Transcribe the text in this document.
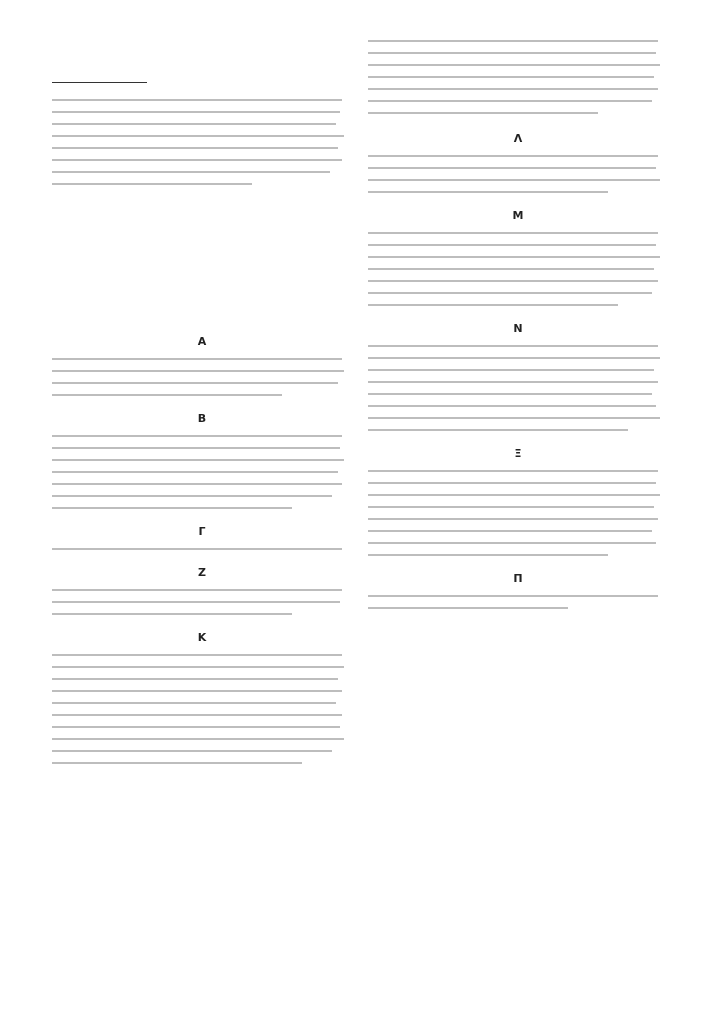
Α
Β
Γ
Ζ
Κ
Λ
Μ
Ν
Ξ
Π
